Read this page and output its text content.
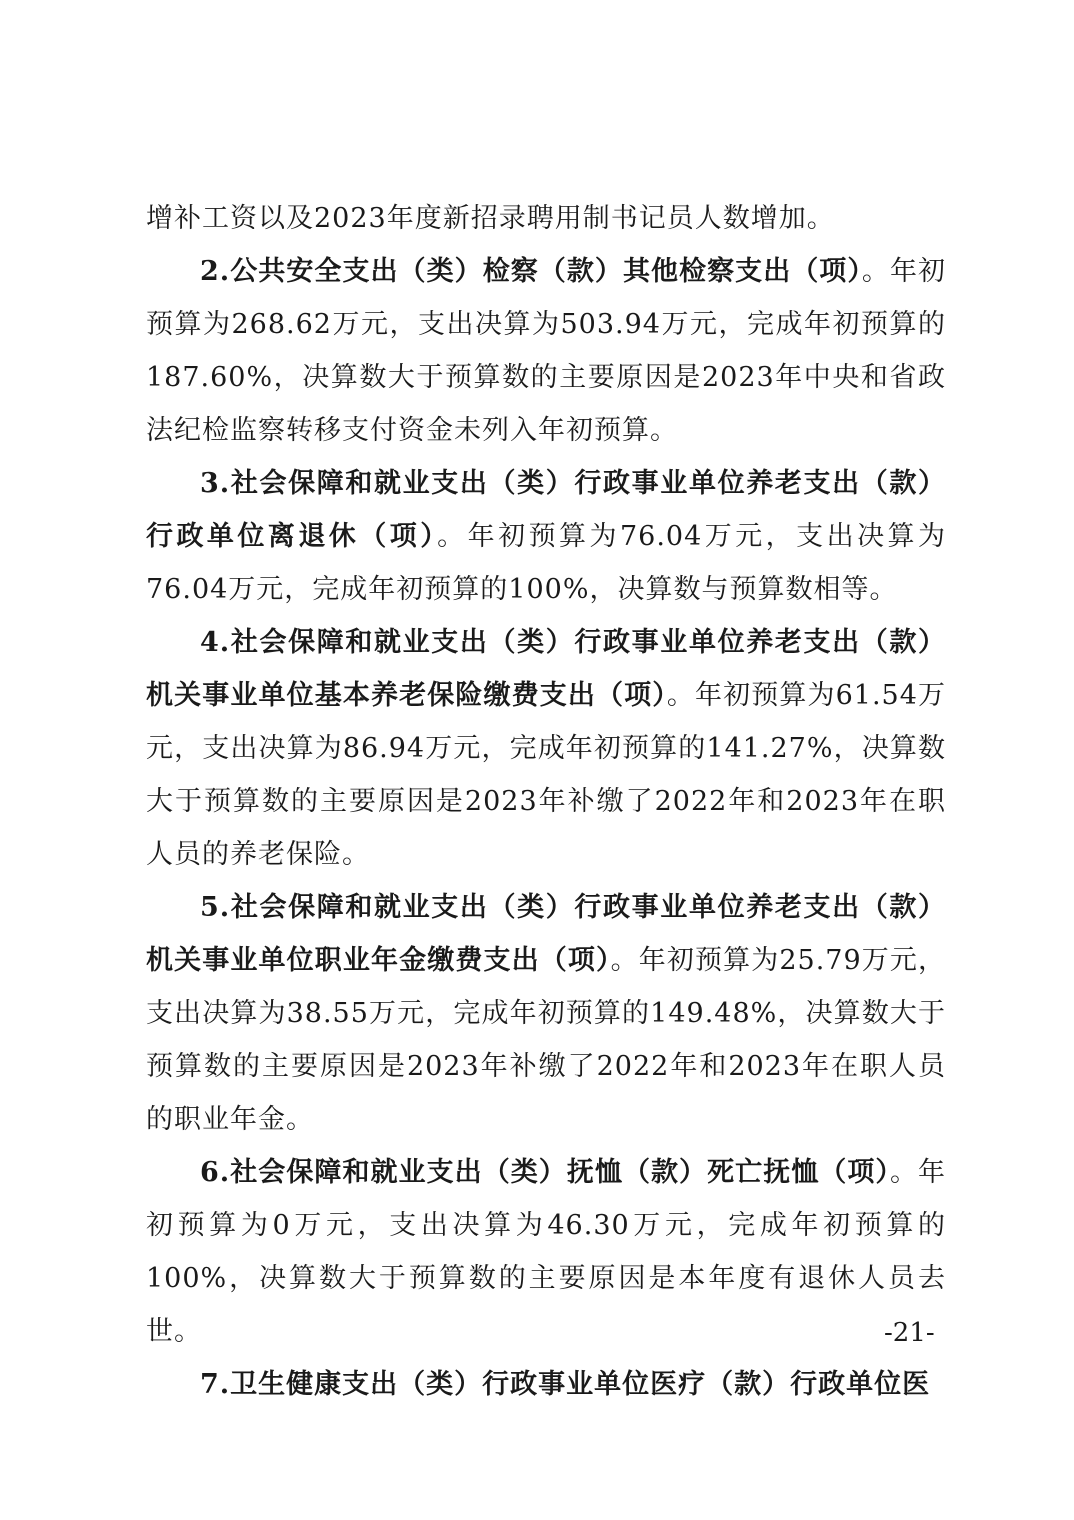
增补工资以及2023年度新招录聘用制书记员人数增加。

2.公共安全支出（类）检察（款）其他检察支出（项）。年初预算为268.62万元，支出决算为503.94万元，完成年初预算的187.60%，决算数大于预算数的主要原因是2023年中央和省政法纪检监察转移支付资金未列入年初预算。

3.社会保障和就业支出（类）行政事业单位养老支出（款）行政单位离退休（项）。年初预算为76.04万元，支出决算为76.04万元，完成年初预算的100%，决算数与预算数相等。

4.社会保障和就业支出（类）行政事业单位养老支出（款）机关事业单位基本养老保险缴费支出（项）。年初预算为61.54万元，支出决算为86.94万元，完成年初预算的141.27%，决算数大于预算数的主要原因是2023年补缴了2022年和2023年在职人员的养老保险。

5.社会保障和就业支出（类）行政事业单位养老支出（款）机关事业单位职业年金缴费支出（项）。年初预算为25.79万元，支出决算为38.55万元，完成年初预算的149.48%，决算数大于预算数的主要原因是2023年补缴了2022年和2023年在职人员的职业年金。

6.社会保障和就业支出（类）抚恤（款）死亡抚恤（项）。年初预算为0万元，支出决算为46.30万元，完成年初预算的100%，决算数大于预算数的主要原因是本年度有退休人员去世。

7.卫生健康支出（类）行政事业单位医疗（款）行政单位医

-21-
